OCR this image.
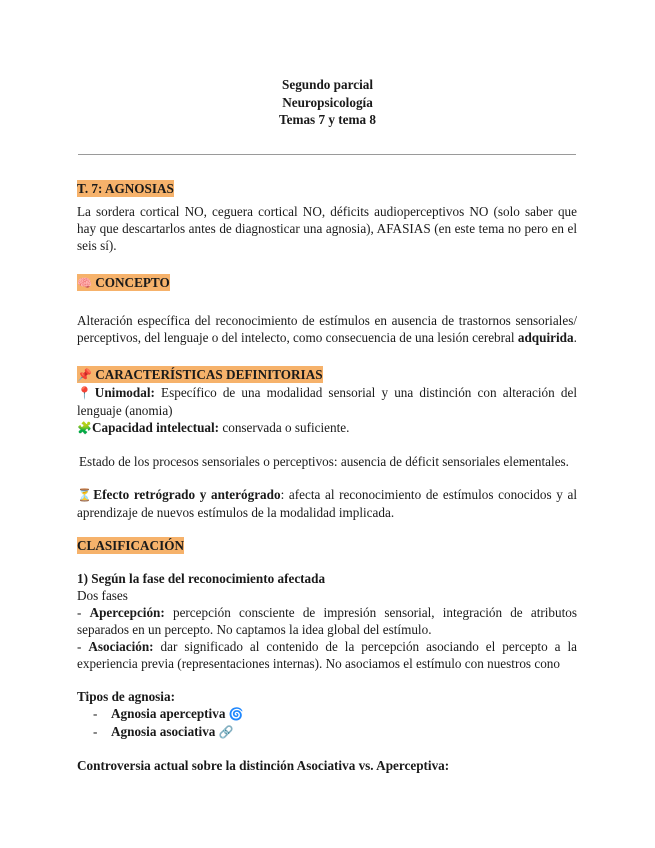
Segundo parcial
Neuropsicología
Temas 7 y tema 8
T. 7: AGNOSIAS

La sordera cortical NO, ceguera cortical NO, déficits audioperceptivos NO (solo saber que hay que descartarlos antes de diagnosticar una agnosia), AFASIAS (en este tema no pero en el seis sí).

🧠 CONCEPTO

Alteración específica del reconocimiento de estímulos en ausencia de trastornos sensoriales/ perceptivos, del lenguaje o del intelecto, como consecuencia de una lesión cerebral adquirida.

📌 CARACTERÍSTICAS DEFINITORIAS

📍Unimodal: Específico de una modalidad sensorial y una distinción con alteración del lenguaje (anomia)

🧩Capacidad intelectual: conservada o suficiente.

Estado de los procesos sensoriales o perceptivos: ausencia de déficit sensoriales elementales.

⏳Efecto retrógrado y anterógrado: afecta al reconocimiento de estímulos conocidos y al aprendizaje de nuevos estímulos de la modalidad implicada.

CLASIFICACIÓN
1) Según la fase del reconocimiento afectada
Dos fases

- Apercepción: percepción consciente de impresión sensorial, integración de atributos separados en un percepto. No captamos la idea global del estímulo.

- Asociación: dar significado al contenido de la percepción asociando el percepto a la experiencia previa (representaciones internas). No asociamos el estímulo con nuestros cono

Tipos de agnosia:
-	Agnosia aperceptiva
🌀
-	Agnosia asociativa
🔗
Controversia actual sobre la distinción Asociativa vs. Aperceptiva:
